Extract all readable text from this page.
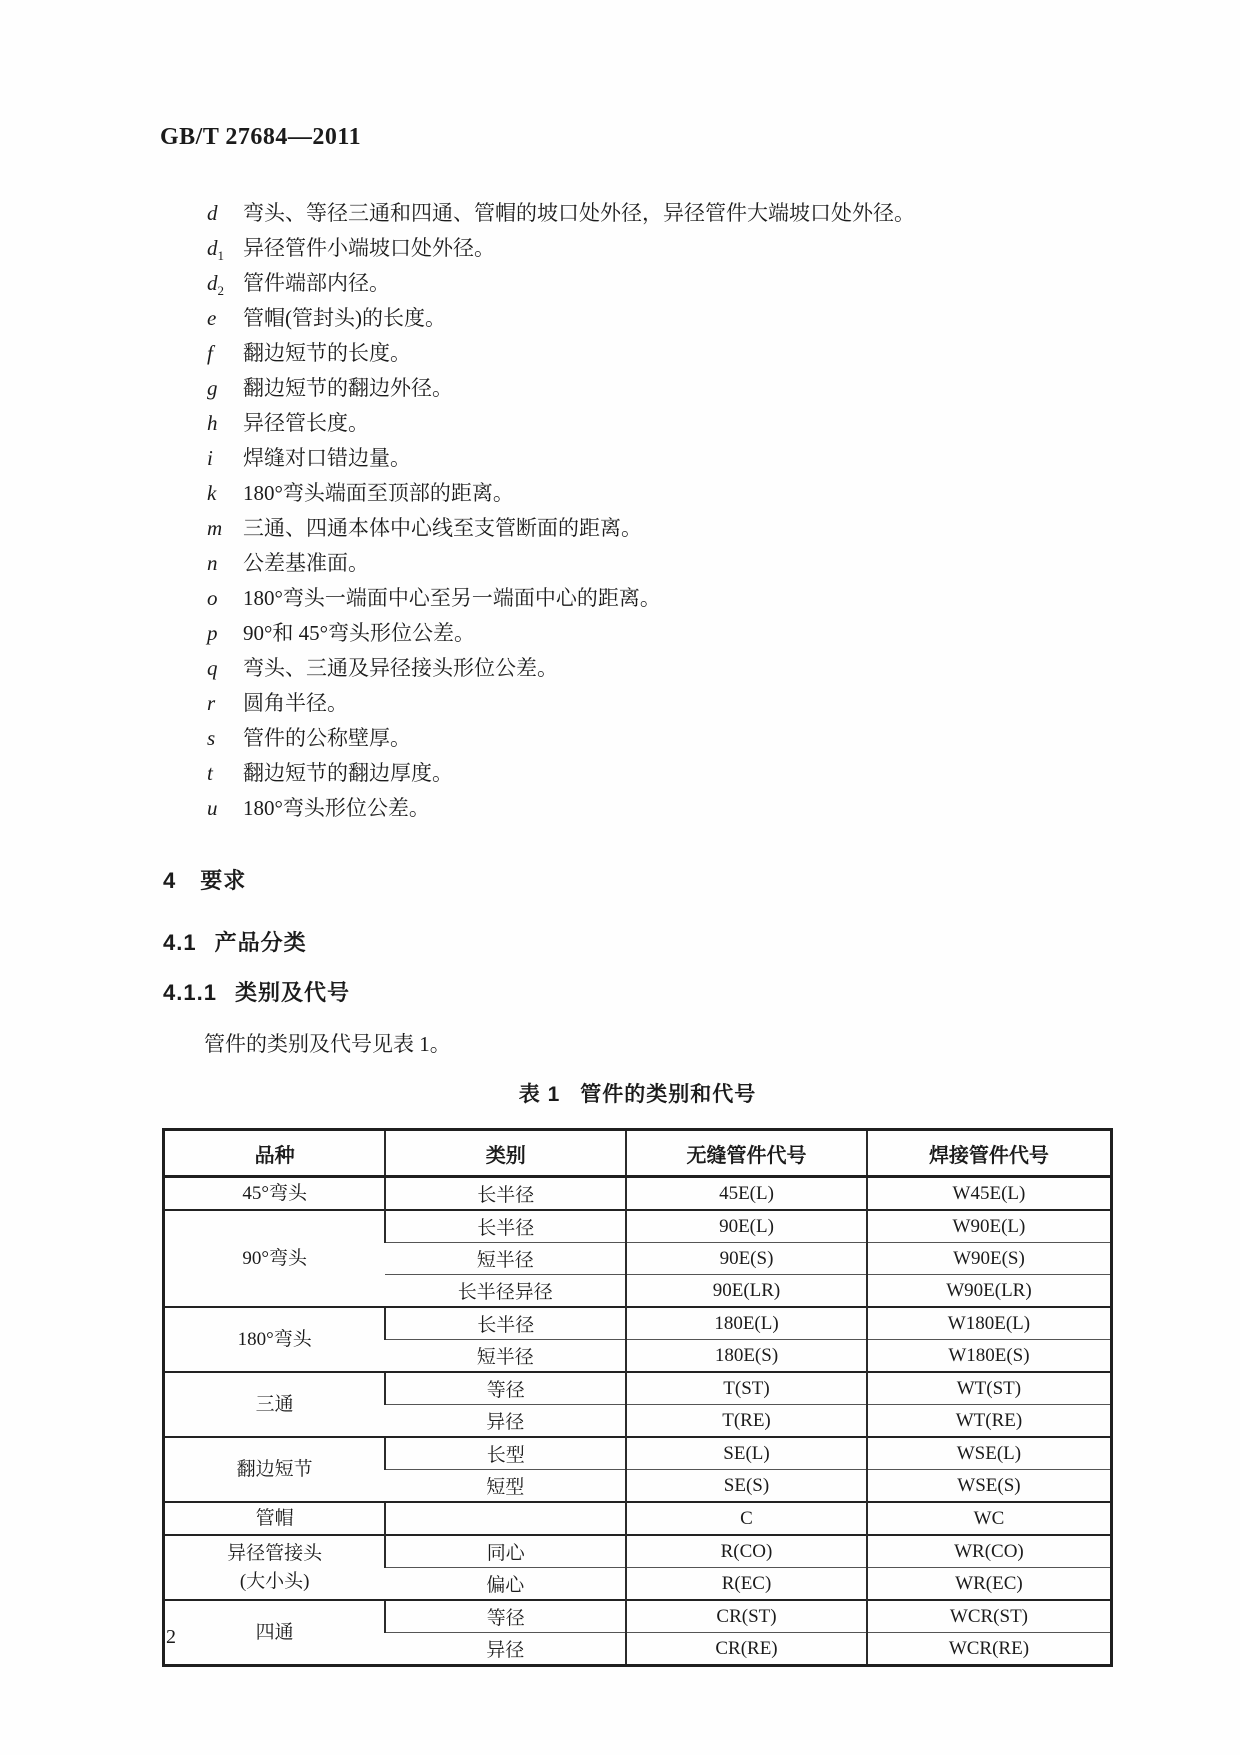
GB/T 27684—2011
d 弯头、等径三通和四通、管帽的坡口处外径，异径管件大端坡口处外径。
$d_1$ 异径管件小端坡口处外径。
$d_2$ 管件端部内径。
e 管帽(管封头)的长度。
f 翻边短节的长度。
g 翻边短节的翻边外径。
h 异径管长度。
i 焊缝对口错边量。
k 180°弯头端面至顶部的距离。
m 三通、四通本体中心线至支管断面的距离。
n 公差基准面。
o 180°弯头一端面中心至另一端面中心的距离。
p 90°和 45°弯头形位公差。
q 弯头、三通及异径接头形位公差。
r 圆角半径。
s 管件的公称壁厚。
t 翻边短节的翻边厚度。
u 180°弯头形位公差。
4 要求
4.1 产品分类
4.1.1 类别及代号
管件的类别及代号见表 1。
表 1 管件的类别和代号
品种	类别	无缝管件代号	焊接管件代号

45°弯头	长半径	45E(L)	W45E(L)

90°弯头	长半径	90E(L)	W90E(L)
	短半径	90E(S)	W90E(S)
	长半径异径	90E(LR)	W90E(LR)

180°弯头	长半径	180E(L)	W180E(L)
	短半径	180E(S)	W180E(S)

三通	等径	T(ST)	WT(ST)
	异径	T(RE)	WT(RE)

翻边短节	长型	SE(L)	WSE(L)
	短型	SE(S)	WSE(S)

管帽		C	WC

异径管接头
(大小头)	同心	R(CO)	WR(CO)
	偏心	R(EC)	WR(EC)

四通	等径	CR(ST)	WCR(ST)
	异径	CR(RE)	WCR(RE)
2
